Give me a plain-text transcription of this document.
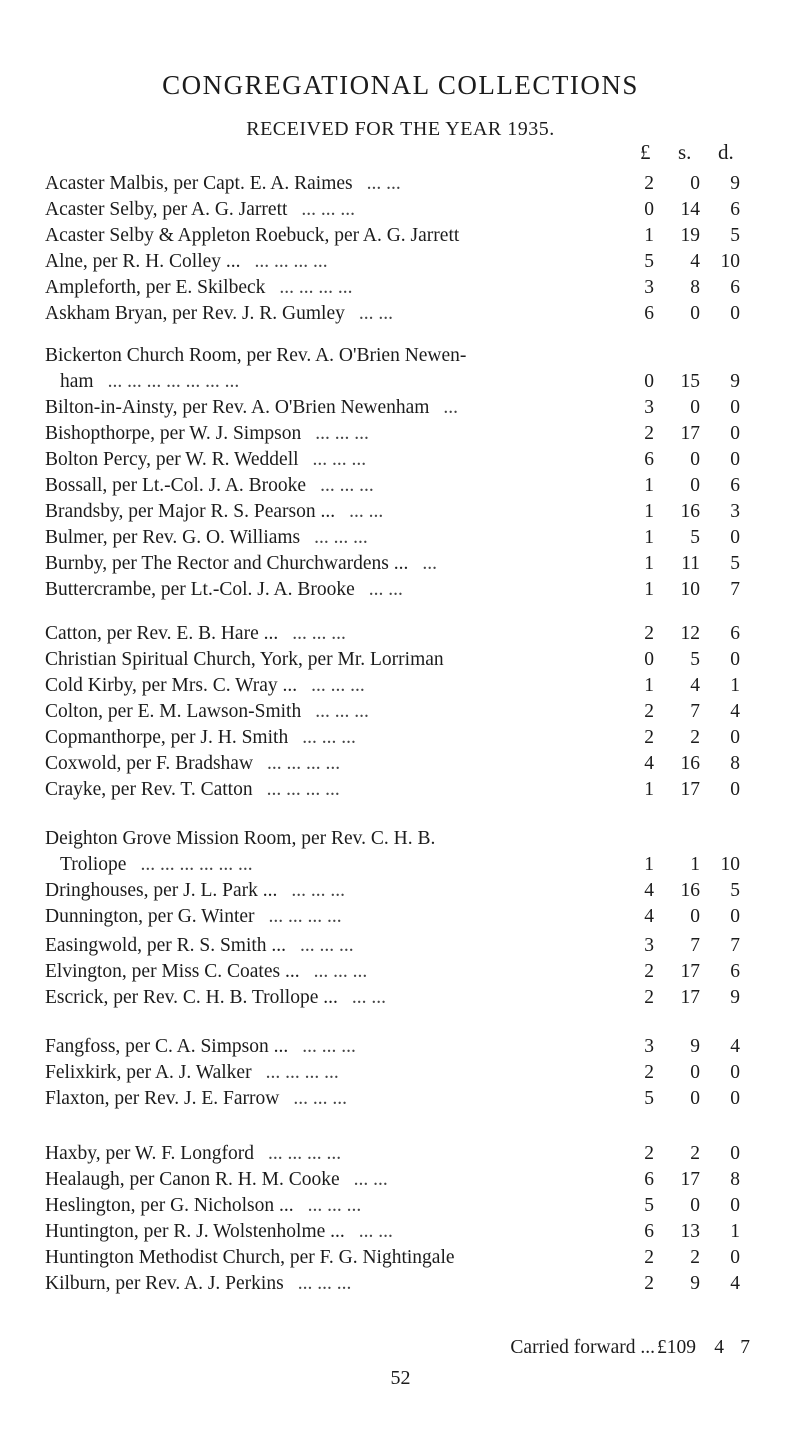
CONGREGATIONAL COLLECTIONS
RECEIVED FOR THE YEAR 1935.
£ s. d.
Acaster Malbis, per Capt. E. A. Raimes ... ...	2	0	9
Acaster Selby, per A. G. Jarrett ... ... ...	0	14	6
Acaster Selby & Appleton Roebuck, per A. G. Jarrett	1	19	5
Alne, per R. H. Colley ... ... ... ... ...	5	4	10
Ampleforth, per E. Skilbeck ... ... ... ...	3	8	6
Askham Bryan, per Rev. J. R. Gumley ... ...	6	0	0
Bickerton Church Room, per Rev. A. O'Brien Newen-
ham ... ... ... ... ... ... ...	0	15	9
Bilton-in-Ainsty, per Rev. A. O'Brien Newenham ...	3	0	0
Bishopthorpe, per W. J. Simpson ... ... ...	2	17	0
Bolton Percy, per W. R. Weddell ... ... ...	6	0	0
Bossall, per Lt.-Col. J. A. Brooke ... ... ...	1	0	6
Brandsby, per Major R. S. Pearson ... ... ...	1	16	3
Bulmer, per Rev. G. O. Williams ... ... ...	1	5	0
Burnby, per The Rector and Churchwardens ... ...	1	11	5
Buttercrambe, per Lt.-Col. J. A. Brooke ... ...	1	10	7
Catton, per Rev. E. B. Hare ... ... ... ...	2	12	6
Christian Spiritual Church, York, per Mr. Lorriman	0	5	0
Cold Kirby, per Mrs. C. Wray ... ... ... ...	1	4	1
Colton, per E. M. Lawson-Smith ... ... ...	2	7	4
Copmanthorpe, per J. H. Smith ... ... ...	2	2	0
Coxwold, per F. Bradshaw ... ... ... ...	4	16	8
Crayke, per Rev. T. Catton ... ... ... ...	1	17	0
Deighton Grove Mission Room, per Rev. C. H. B.
Troliope ... ... ... ... ... ...	1	1	10
Dringhouses, per J. L. Park ... ... ... ...	4	16	5
Dunnington, per G. Winter ... ... ... ...	4	0	0
Easingwold, per R. S. Smith ... ... ... ...	3	7	7
Elvington, per Miss C. Coates ... ... ... ...	2	17	6
Escrick, per Rev. C. H. B. Trollope ... ... ...	2	17	9
Fangfoss, per C. A. Simpson ... ... ... ...	3	9	4
Felixkirk, per A. J. Walker ... ... ... ...	2	0	0
Flaxton, per Rev. J. E. Farrow ... ... ...	5	0	0
Haxby, per W. F. Longford ... ... ... ...	2	2	0
Healaugh, per Canon R. H. M. Cooke ... ...	6	17	8
Heslington, per G. Nicholson ... ... ... ...	5	0	0
Huntington, per R. J. Wolstenholme ... ... ...	6	13	1
Huntington Methodist Church, per F. G. Nightingale	2	2	0
Kilburn, per Rev. A. J. Perkins ... ... ...	2	9	4
Carried forward ... £109 4 7
52
